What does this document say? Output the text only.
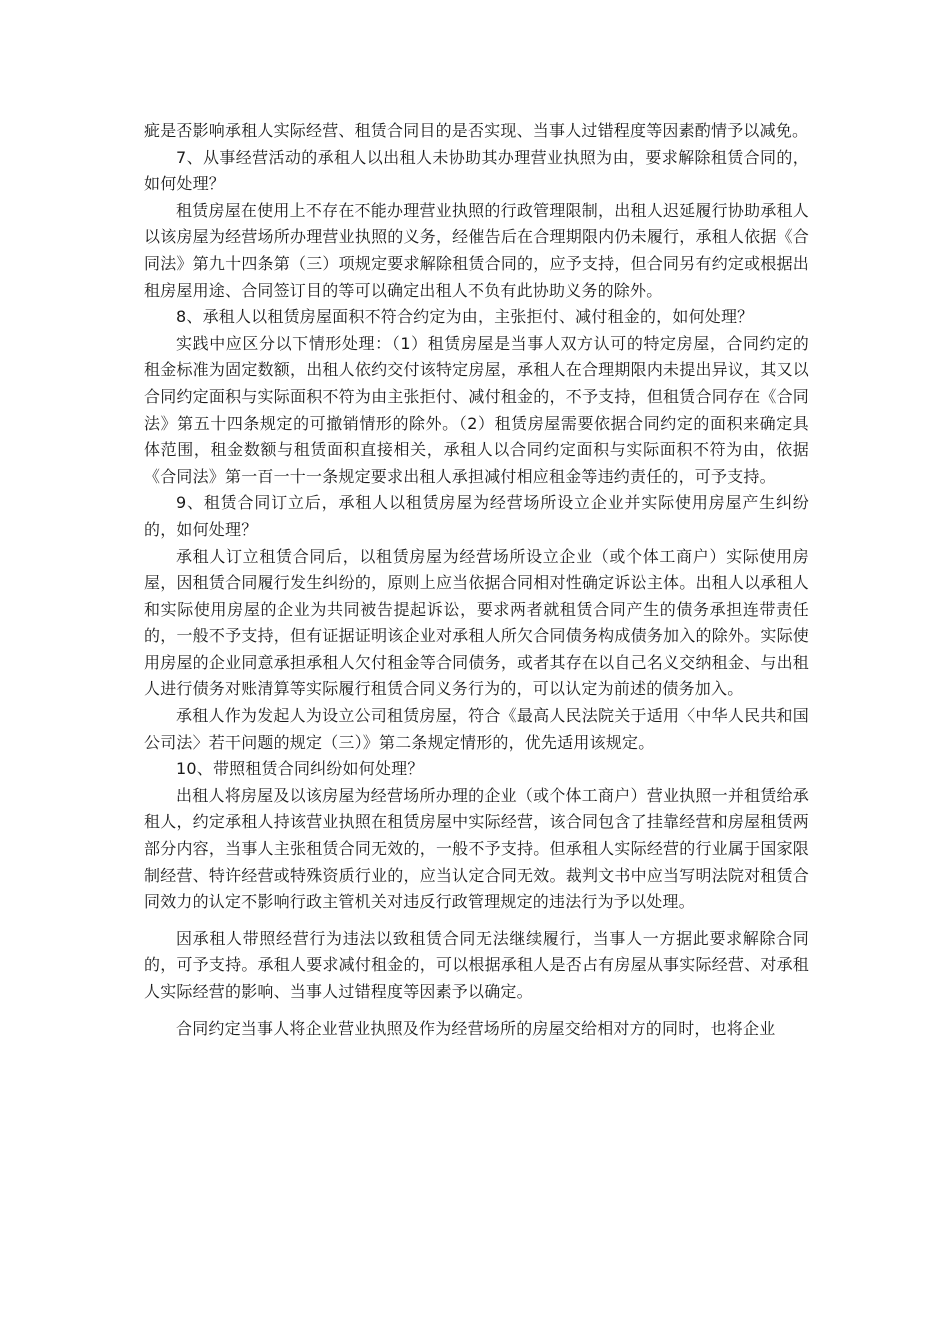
疵是否影响承租人实际经营、租赁合同目的是否实现、当事人过错程度等因素酌情予以减免。

7、从事经营活动的承租人以出租人未协助其办理营业执照为由，要求解除租赁合同的，如何处理？

租赁房屋在使用上不存在不能办理营业执照的行政管理限制，出租人迟延履行协助承租人以该房屋为经营场所办理营业执照的义务，经催告后在合理期限内仍未履行，承租人依据《合同法》第九十四条第（三）项规定要求解除租赁合同的，应予支持，但合同另有约定或根据出租房屋用途、合同签订目的等可以确定出租人不负有此协助义务的除外。

8、承租人以租赁房屋面积不符合约定为由，主张拒付、减付租金的，如何处理？

实践中应区分以下情形处理：（1）租赁房屋是当事人双方认可的特定房屋，合同约定的租金标准为固定数额，出租人依约交付该特定房屋，承租人在合理期限内未提出异议，其又以合同约定面积与实际面积不符为由主张拒付、减付租金的，不予支持，但租赁合同存在《合同法》第五十四条规定的可撤销情形的除外。（2）租赁房屋需要依据合同约定的面积来确定具体范围，租金数额与租赁面积直接相关，承租人以合同约定面积与实际面积不符为由，依据《合同法》第一百一十一条规定要求出租人承担减付相应租金等违约责任的，可予支持。

9、租赁合同订立后，承租人以租赁房屋为经营场所设立企业并实际使用房屋产生纠纷的，如何处理？

承租人订立租赁合同后，以租赁房屋为经营场所设立企业（或个体工商户）实际使用房屋，因租赁合同履行发生纠纷的，原则上应当依据合同相对性确定诉讼主体。出租人以承租人和实际使用房屋的企业为共同被告提起诉讼，要求两者就租赁合同产生的债务承担连带责任的，一般不予支持，但有证据证明该企业对承租人所欠合同债务构成债务加入的除外。实际使用房屋的企业同意承担承租人欠付租金等合同债务，或者其存在以自己名义交纳租金、与出租人进行债务对账清算等实际履行租赁合同义务行为的，可以认定为前述的债务加入。

承租人作为发起人为设立公司租赁房屋，符合《最高人民法院关于适用〈中华人民共和国公司法〉若干问题的规定（三）》第二条规定情形的，优先适用该规定。

10、带照租赁合同纠纷如何处理？

出租人将房屋及以该房屋为经营场所办理的企业（或个体工商户）营业执照一并租赁给承租人，约定承租人持该营业执照在租赁房屋中实际经营，该合同包含了挂靠经营和房屋租赁两部分内容，当事人主张租赁合同无效的，一般不予支持。但承租人实际经营的行业属于国家限制经营、特许经营或特殊资质行业的，应当认定合同无效。裁判文书中应当写明法院对租赁合同效力的认定不影响行政主管机关对违反行政管理规定的违法行为予以处理。

因承租人带照经营行为违法以致租赁合同无法继续履行，当事人一方据此要求解除合同的，可予支持。承租人要求减付租金的，可以根据承租人是否占有房屋从事实际经营、对承租人实际经营的影响、当事人过错程度等因素予以确定。

合同约定当事人将企业营业执照及作为经营场所的房屋交给相对方的同时，也将企业
